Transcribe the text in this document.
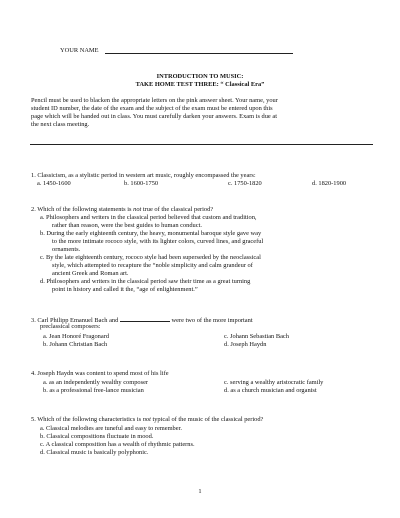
YOUR NAME
INTRODUCTION TO MUSIC:
TAKE HOME TEST THREE: “ Classical Era”
Pencil must be used to blacken the appropriate letters on the pink answer sheet. Your name, your
student ID number, the date of the exam and the subject of the exam must be entered upon this
page which will be handed out in class. You must carefully darken your answers. Exam is due at
the next class meeting.
1. Classicism, as a stylistic period in western art music, roughly encompassed the years:
a. 1450-1600	b. 1600-1750	c. 1750-1820	d. 1820-1900
2. Which of the following statements is not true of the classical period?
a. Philosophers and writers in the classical period believed that custom and tradition,
rather than reason, were the best guides to human conduct.
b. During the early eighteenth century, the heavy, monumental baroque style gave way
to the more intimate rococo style, with its lighter colors, curved lines, and graceful
ornaments.
c. By the late eighteenth century, rococo style had been superseded by the neoclassical
style, which attempted to recapture the “noble simplicity and calm grandeur of
ancient Greek and Roman art.
d. Philosophers and writers in the classical period saw their time as a great turning
point in history and called it the, “age of enlightenment.”
3. Carl Philipp Emanuel Bach and	were two of the more important
preclassical composers:
a. Jean Honoré Fragonard	c. Johann Sebastian Bach
b. Johann Christian Bach	d. Joseph Haydn
4. Joseph Haydn was content to spend most of his life
a. as an independently wealthy composer	c. serving a wealthy aristocratic family
b. as a professional free-lance musician	d. as a church musician and organist
5. Which of the following characteristics is not typical of the music of the classical period?
a. Classical melodies are tuneful and easy to remember.
b. Classical compositions fluctuate in mood.
c. A classical composition has a wealth of rhythmic patterns.
d. Classical music is basically polyphonic.
1
